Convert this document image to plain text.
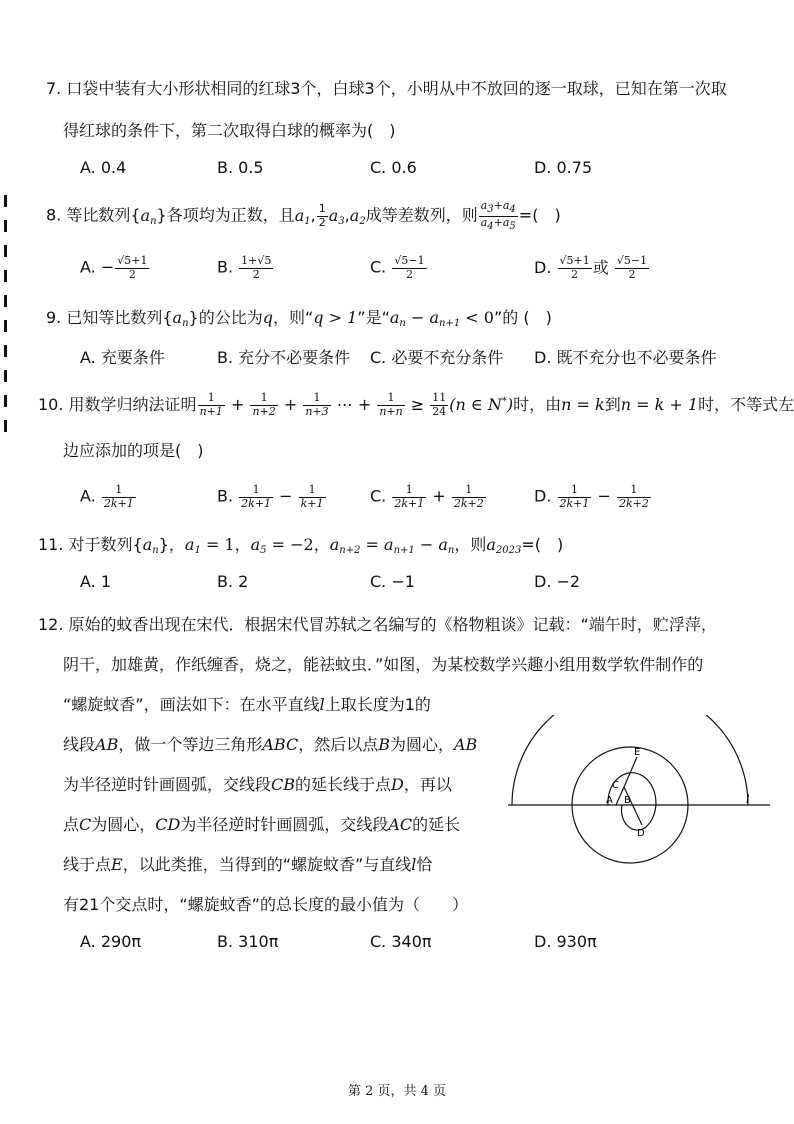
7. 口袋中装有大小形状相同的红球3个，白球3个，小明从中不放回的逐一取球，已知在第一次取
得红球的条件下，第二次取得白球的概率为(　)
A. 0.4	B. 0.5	C. 0.6	D. 0.75
8. 等比数列$\{a_n\}$各项均为正数，且$a_1$, $\frac{1}{2} a_3,a_2$成等差数列，则 $\frac{a3+a4}{a4+a5}$ =(　)
A. − $\frac{√5+1}{2}$	B. $\frac{1+√5}{2}$	C. $\frac{√5-1}{2}$	D. $\frac{√5+1}{2}$ 或 $\frac{√5-1}{2}$
9. 已知等比数列$\{a_n\}$的公比为q，则“q > 1”是“$a_n - a_{n+1} < 0$”的 (　)
A. 充要条件	B. 充分不必要条件 C. 必要不充分条件 D. 既不充分也不必要条件
10. 用数学归纳法证明 $\frac{1}{n+1} + \frac{1}{n+2} + \frac{1}{n+3}$ ⋯ + $\frac{1}{n+n} \ge \frac{11}{24} (n$ ∈ N*)时，由n = k到n = k + 1时，不等式左
边应添加的项是(　)
A. $\frac{1}{2k+1}$	B. $\frac{1}{2k+1} - \frac{1}{k+1}$	C. $\frac{1}{2k+1} + \frac{1}{2k+2}$	D. $\frac{1}{2k+1} - \frac{1}{2k+2}$
11. 对于数列$\{a_n\}$，$a_1 = 1$，$a_5 = -2$，$a_{n+2} = a_{n+1} - a_n$，则$a_{2023}=$(　)
A. 1	B. 2	C. −1	D. −2
12. 原始的蚊香出现在宋代．根据宋代冒苏轼之名编写的《格物粗谈》记载：“端午时，贮浮萍，
阴干，加雄黄，作纸缠香，烧之，能祛蚊虫．”如图，为某校数学兴趣小组用数学软件制作的
“螺旋蚊香”，画法如下：在水平直线l上取长度为1的
线段AB，做一个等边三角形ABC，然后以点B为圆心，AB
为半径逆时针画圆弧，交线段CB的延长线于点D，再以
点C为圆心，CD为半径逆时针画圆弧，交线段AC的延长
线于点E，以此类推，当得到的“螺旋蚊香”与直线l恰
有21个交点时，“螺旋蚊香”的总长度的最小值为（　　）
E
C
A B
D
l
A. 290π	B. 310π	C. 340π	D. 930π
第 2 页，共 4 页
